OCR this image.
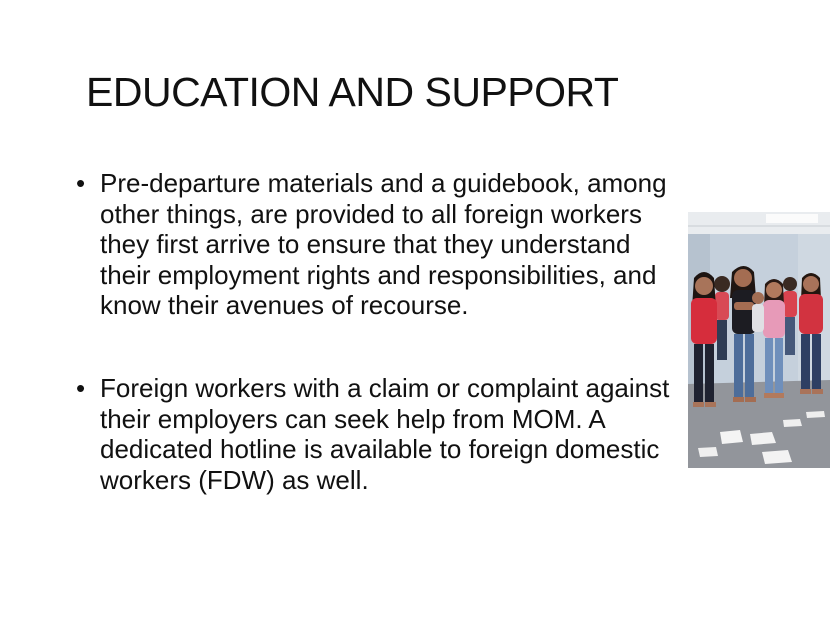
EDUCATION AND SUPPORT
• Pre-departure materials and a guidebook, among other things, are provided to all foreign workers they first arrive to ensure that they understand their employment rights and responsibilities, and know their avenues of recourse.
• Foreign workers with a claim or complaint against their employers can seek help from MOM. A dedicated hotline is available to foreign domestic workers (FDW) as well.
